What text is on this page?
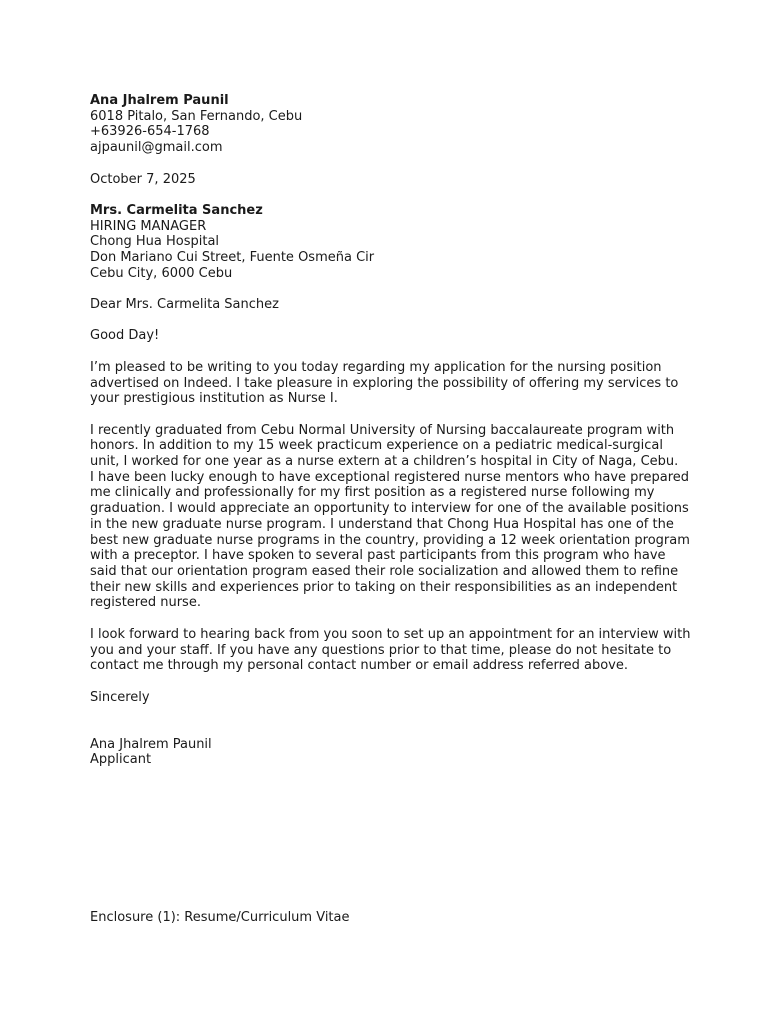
Ana Jhalrem Paunil
6018 Pitalo, San Fernando, Cebu
+63926-654-1768
ajpaunil@gmail.com
October 7, 2025
Mrs. Carmelita Sanchez
HIRING MANAGER
Chong Hua Hospital
Don Mariano Cui Street, Fuente Osmeña Cir
Cebu City, 6000 Cebu
Dear Mrs. Carmelita Sanchez
Good Day!
I’m pleased to be writing to you today regarding my application for the nursing position
advertised on Indeed. I take pleasure in exploring the possibility of offering my services to
your prestigious institution as Nurse I.
I recently graduated from Cebu Normal University of Nursing baccalaureate program with
honors. In addition to my 15 week practicum experience on a pediatric medical-surgical
unit, I worked for one year as a nurse extern at a children’s hospital in City of Naga, Cebu.
I have been lucky enough to have exceptional registered nurse mentors who have prepared
me clinically and professionally for my first position as a registered nurse following my
graduation. I would appreciate an opportunity to interview for one of the available positions
in the new graduate nurse program. I understand that Chong Hua Hospital has one of the
best new graduate nurse programs in the country, providing a 12 week orientation program
with a preceptor. I have spoken to several past participants from this program who have
said that our orientation program eased their role socialization and allowed them to refine
their new skills and experiences prior to taking on their responsibilities as an independent
registered nurse.
I look forward to hearing back from you soon to set up an appointment for an interview with
you and your staff. If you have any questions prior to that time, please do not hesitate to
contact me through my personal contact number or email address referred above.
Sincerely
Ana Jhalrem Paunil
Applicant
Enclosure (1): Resume/Curriculum Vitae
